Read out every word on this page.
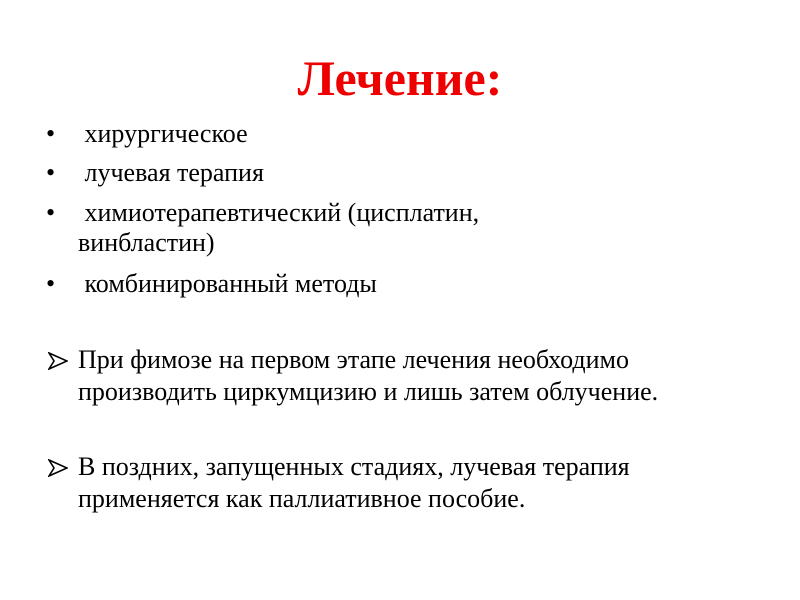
Лечение:
• хирургическое
• лучевая терапия
•	химиотерапевтический (цисплатин,
винбластин)
• комбинированный методы
При фимозе на первом этапе лечения необходимо производить циркумцизию и лишь затем облучение.
В поздних, запущенных стадиях, лучевая терапия применяется как паллиативное пособие.
